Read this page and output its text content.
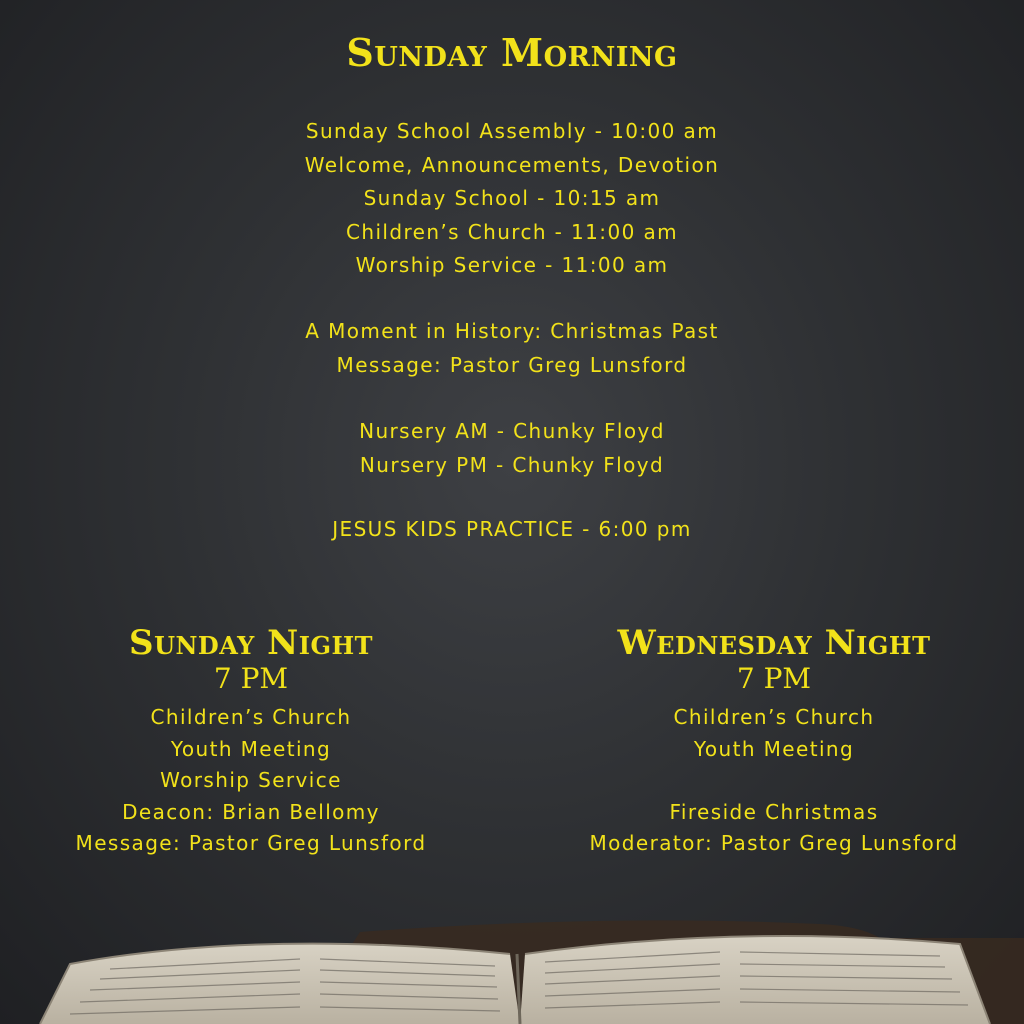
Sunday Morning
Sunday School Assembly - 10:00 am
Welcome, Announcements, Devotion
Sunday School - 10:15 am
Children’s Church - 11:00 am
Worship Service - 11:00 am
A Moment in History: Christmas Past
Message: Pastor Greg Lunsford
Nursery AM - Chunky Floyd
Nursery PM - Chunky Floyd
JESUS KIDS PRACTICE - 6:00 pm
Sunday Night
7 PM
Children’s Church
Youth Meeting
Worship Service
Deacon: Brian Bellomy
Message: Pastor Greg Lunsford
Wednesday Night
7 PM
Children’s Church
Youth Meeting
Fireside Christmas
Moderator: Pastor Greg Lunsford
